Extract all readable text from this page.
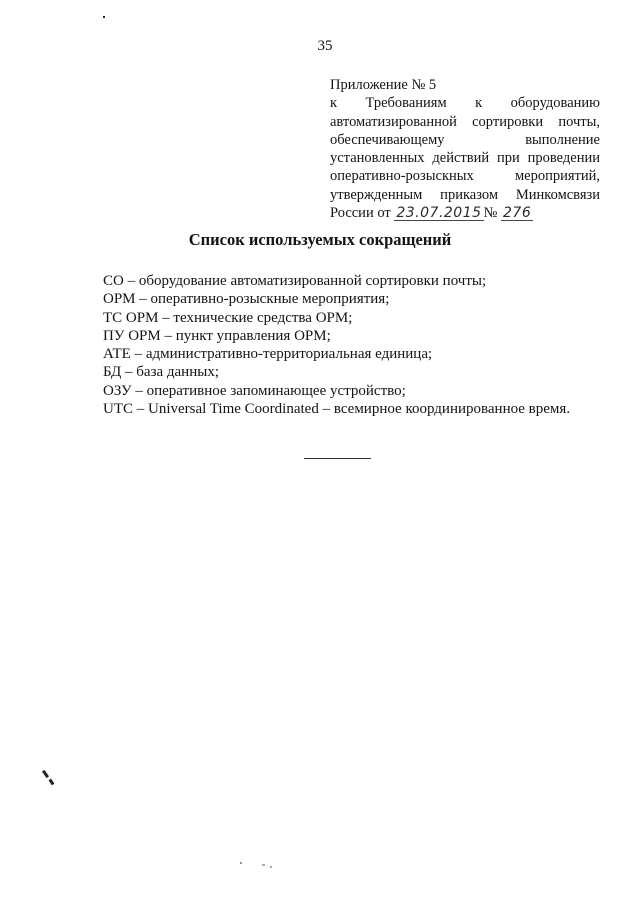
35
Приложение № 5
к Требованиям к оборудованию
автоматизированной сортировки почты,
обеспечивающему выполнение
установленных действий при проведении
оперативно-розыскных мероприятий,
утвержденным приказом Минкомсвязи
России от 23.07.2015 № 276
Список используемых сокращений
СО – оборудование автоматизированной сортировки почты;
ОРМ – оперативно-розыскные мероприятия;
ТС ОРМ – технические средства ОРМ;
ПУ ОРМ – пункт управления ОРМ;
АТЕ – административно-территориальная единица;
БД – база данных;
ОЗУ – оперативное запоминающее устройство;
UTC – Universal Time Coordinated – всемирное координированное время.
